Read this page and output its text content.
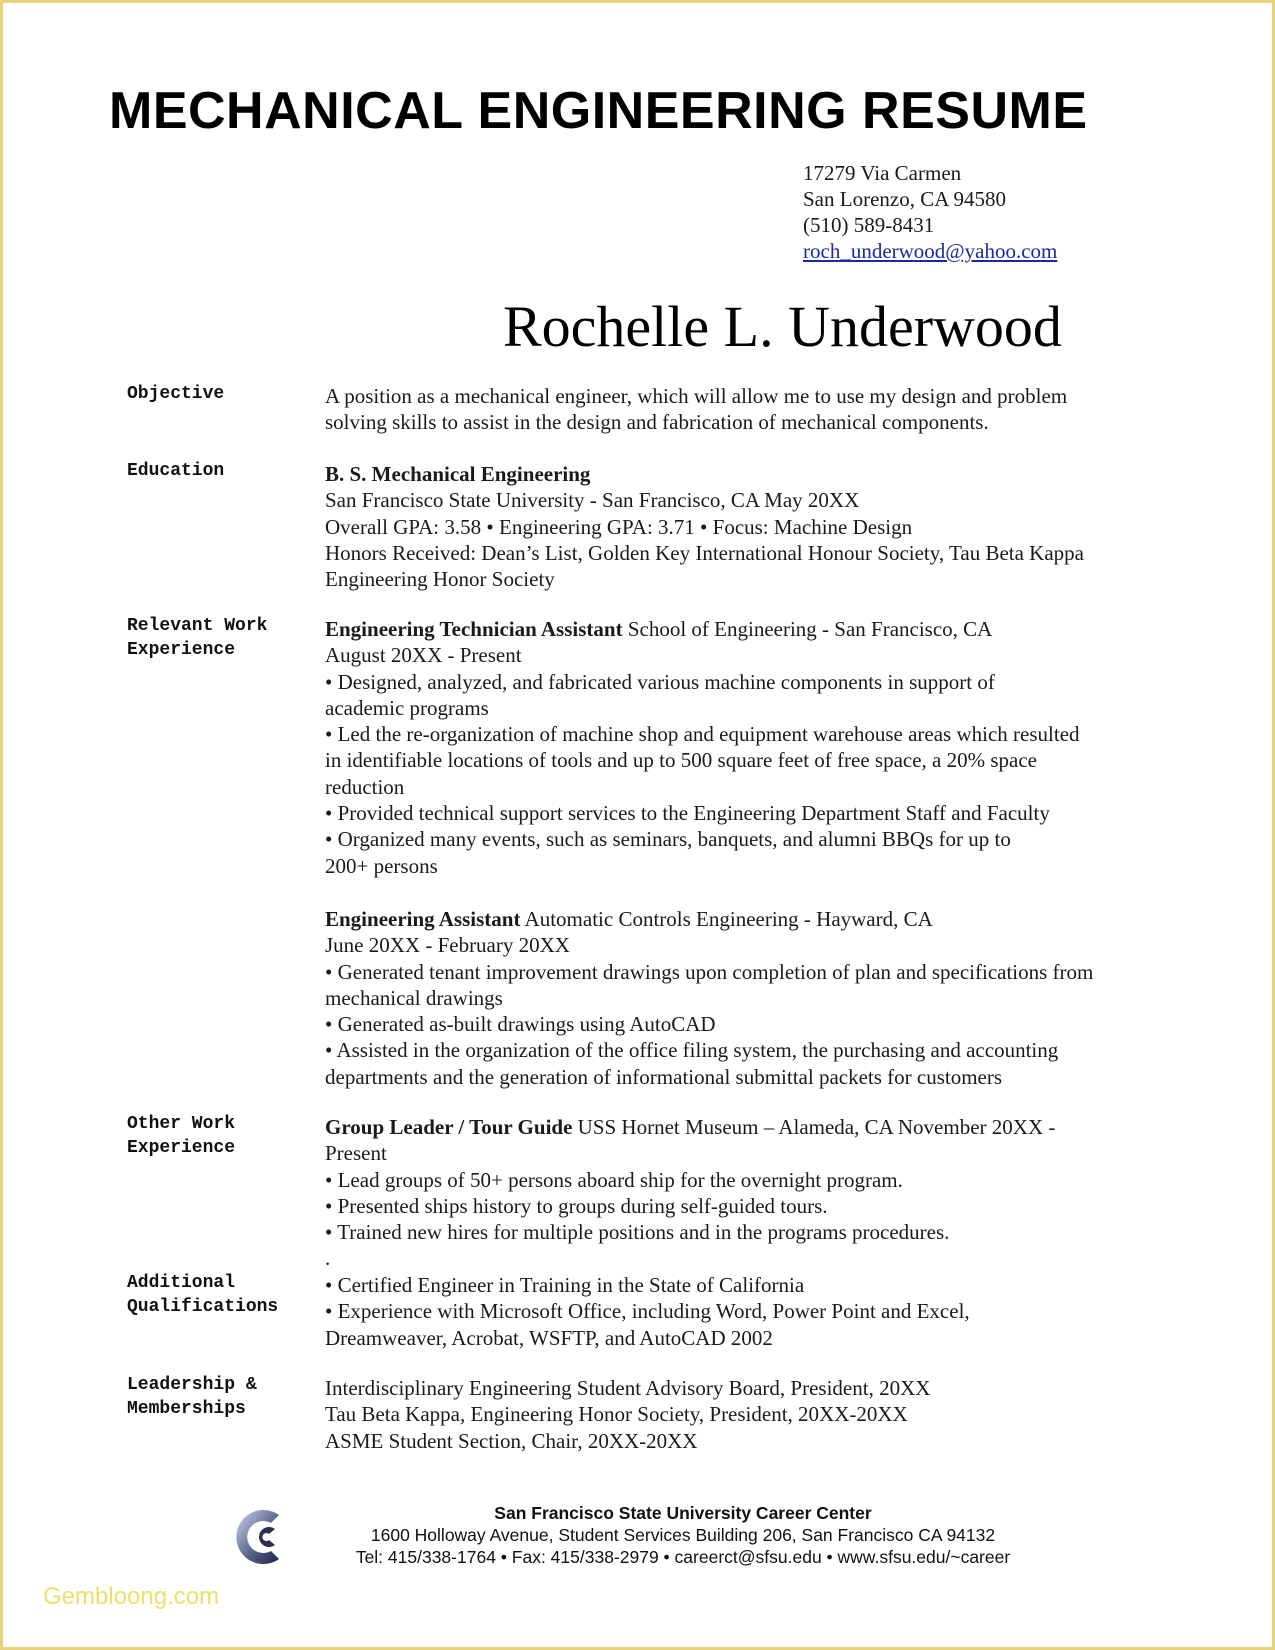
MECHANICAL ENGINEERING RESUME
17279 Via Carmen
San Lorenzo, CA 94580
(510) 589-8431
roch_underwood@yahoo.com
Rochelle L. Underwood
Objective	A position as a mechanical engineer, which will allow me to use my design and problem
solving skills to assist in the design and fabrication of mechanical components.
Education	B. S. Mechanical Engineering
San Francisco State University - San Francisco, CA May 20XX
Overall GPA: 3.58 • Engineering GPA: 3.71 • Focus: Machine Design
Honors Received: Dean’s List, Golden Key International Honour Society, Tau Beta Kappa
Engineering Honor Society
Relevant Work
Experience
Engineering Technician Assistant School of Engineering - San Francisco, CA
August 20XX - Present
• Designed, analyzed, and fabricated various machine components in support of
academic programs
• Led the re-organization of machine shop and equipment warehouse areas which resulted
in identifiable locations of tools and up to 500 square feet of free space, a 20% space
reduction
• Provided technical support services to the Engineering Department Staff and Faculty
• Organized many events, such as seminars, banquets, and alumni BBQs for up to
200+ persons
Engineering Assistant Automatic Controls Engineering - Hayward, CA
June 20XX - February 20XX
• Generated tenant improvement drawings upon completion of plan and specifications from
mechanical drawings
• Generated as-built drawings using AutoCAD
• Assisted in the organization of the office filing system, the purchasing and accounting
departments and the generation of informational submittal packets for customers
Other Work
Experience
Group Leader / Tour Guide USS Hornet Museum – Alameda, CA November 20XX -
Present
• Lead groups of 50+ persons aboard ship for the overnight program.
• Presented ships history to groups during self-guided tours.
• Trained new hires for multiple positions and in the programs procedures.
.
Additional
Qualifications
• Certified Engineer in Training in the State of California
• Experience with Microsoft Office, including Word, Power Point and Excel,
Dreamweaver, Acrobat, WSFTP, and AutoCAD 2002
Leadership &
Memberships
Interdisciplinary Engineering Student Advisory Board, President, 20XX
Tau Beta Kappa, Engineering Honor Society, President, 20XX-20XX
ASME Student Section, Chair, 20XX-20XX
San Francisco State University Career Center
1600 Holloway Avenue, Student Services Building 206, San Francisco CA 94132
Tel: 415/338-1764 • Fax: 415/338-2979 • careerct@sfsu.edu • www.sfsu.edu/~career
Gembloong.com
